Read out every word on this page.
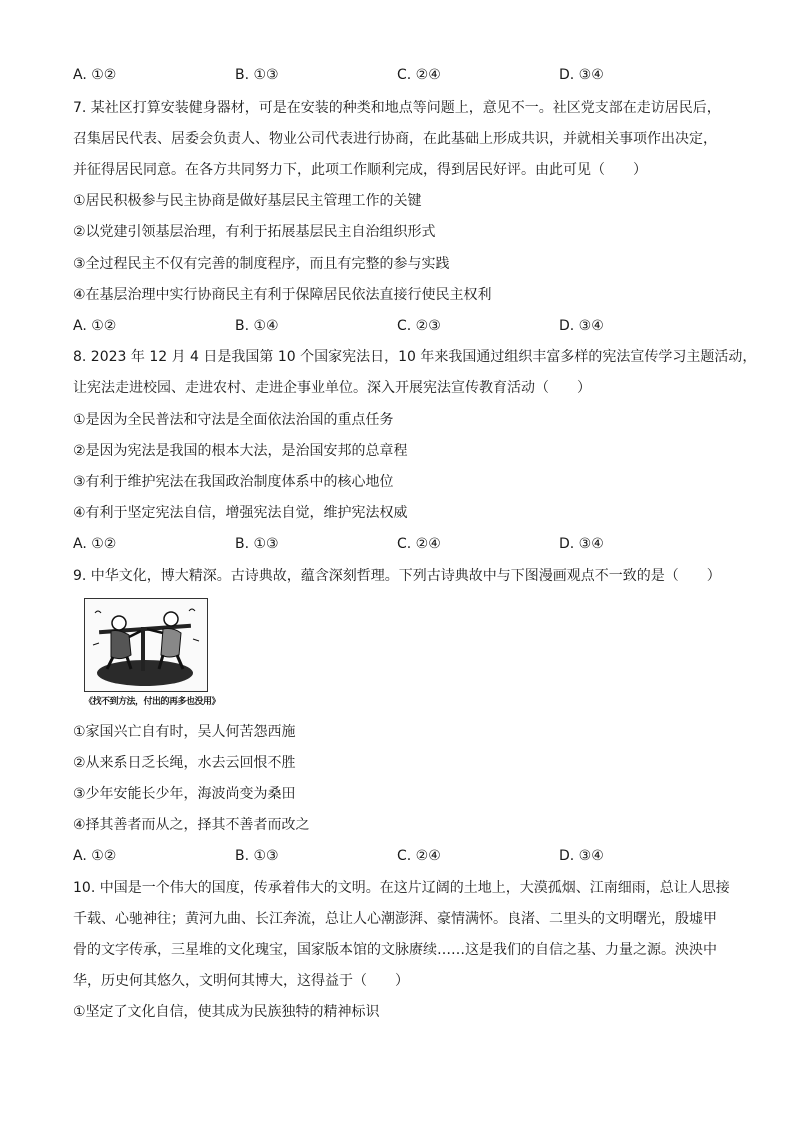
A. ①②	B. ①③	C. ②④	D. ③④
7. 某社区打算安装健身器材，可是在安装的种类和地点等问题上，意见不一。社区党支部在走访居民后，
召集居民代表、居委会负责人、物业公司代表进行协商，在此基础上形成共识，并就相关事项作出决定，
并征得居民同意。在各方共同努力下，此项工作顺利完成，得到居民好评。由此可见（　　）
①居民积极参与民主协商是做好基层民主管理工作的关键
②以党建引领基层治理，有利于拓展基层民主自治组织形式
③全过程民主不仅有完善的制度程序，而且有完整的参与实践
④在基层治理中实行协商民主有利于保障居民依法直接行使民主权利
A. ①②	B. ①④	C. ②③	D. ③④
8. 2023 年 12 月 4 日是我国第 10 个国家宪法日，10 年来我国通过组织丰富多样的宪法宣传学习主题活动，
让宪法走进校园、走进农村、走进企事业单位。深入开展宪法宣传教育活动（　　）
①是因为全民普法和守法是全面依法治国的重点任务
②是因为宪法是我国的根本大法，是治国安邦的总章程
③有利于维护宪法在我国政治制度体系中的核心地位
④有利于坚定宪法自信，增强宪法自觉，维护宪法权威
A. ①②	B. ①③	C. ②④	D. ③④
9. 中华文化，博大精深。古诗典故，蕴含深刻哲理。下列古诗典故中与下图漫画观点不一致的是（　　）
《找不到方法，付出的再多也没用》
①家国兴亡自有时，吴人何苦怨西施
②从来系日乏长绳，水去云回恨不胜
③少年安能长少年，海波尚变为桑田
④择其善者而从之，择其不善者而改之
A. ①②	B. ①③	C. ②④	D. ③④
10. 中国是一个伟大的国度，传承着伟大的文明。在这片辽阔的土地上，大漠孤烟、江南细雨，总让人思接
千载、心驰神往；黄河九曲、长江奔流，总让人心潮澎湃、豪情满怀。良渚、二里头的文明曙光，殷墟甲
骨的文字传承，三星堆的文化瑰宝，国家版本馆的文脉赓续……这是我们的自信之基、力量之源。泱泱中
华，历史何其悠久，文明何其博大，这得益于（　　）
①坚定了文化自信，使其成为民族独特的精神标识
